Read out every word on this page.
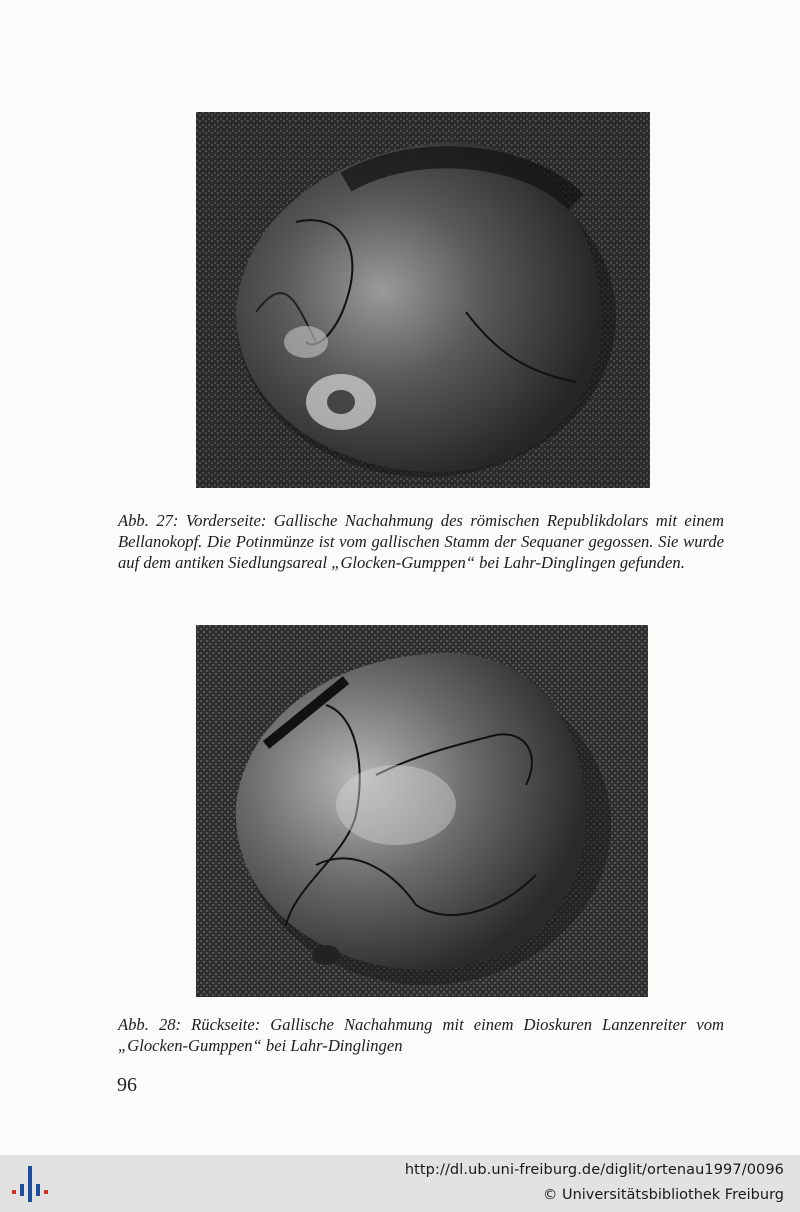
Abb. 27: Vorderseite: Gallische Nachahmung des römischen Republikdolars mit einem Bellanokopf. Die Potinmünze ist vom gallischen Stamm der Sequaner gegossen. Sie wurde auf dem antiken Siedlungsareal „Glocken-Gumppen“ bei Lahr-Dinglingen gefunden.

Abb. 28: Rückseite: Gallische Nachahmung mit einem Dioskuren Lanzenreiter vom „Glocken-Gumppen“ bei Lahr-Dinglingen

96
http://dl.ub.uni-freiburg.de/diglit/ortenau1997/0096
© Universitätsbibliothek Freiburg
